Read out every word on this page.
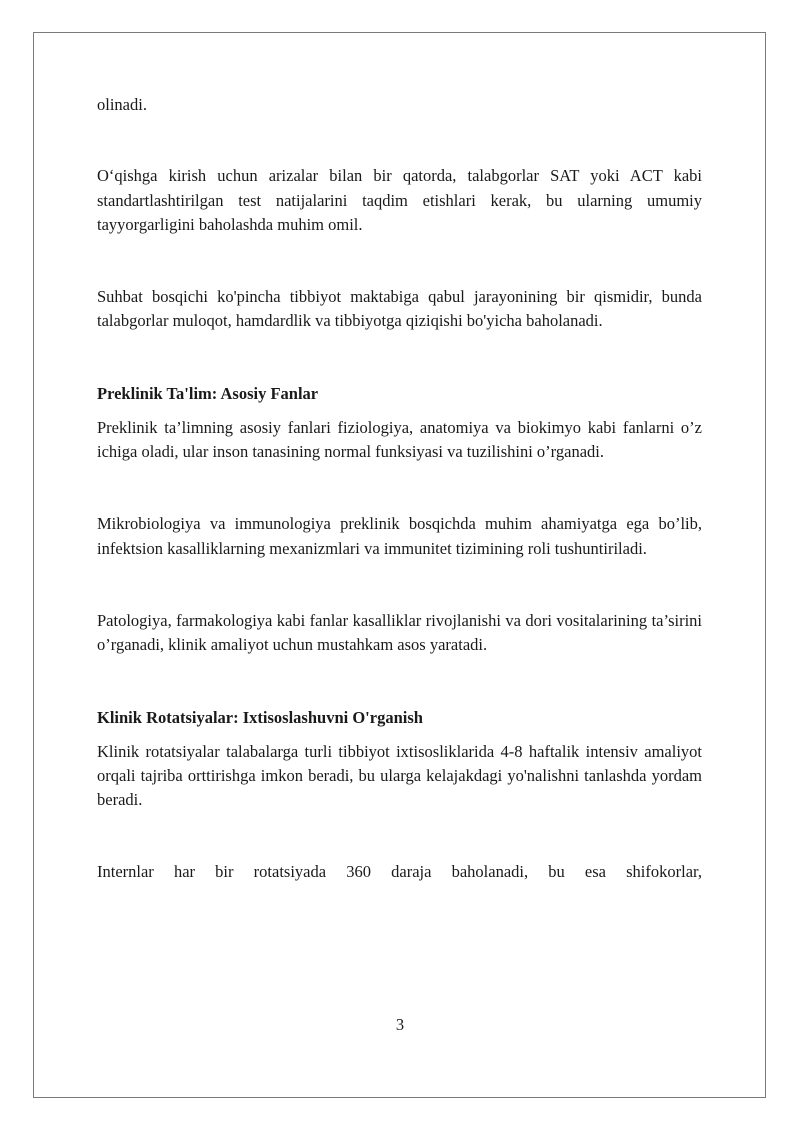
olinadi.

O‘qishga kirish uchun arizalar bilan bir qatorda, talabgorlar SAT yoki ACT kabi standartlashtirilgan test natijalarini taqdim etishlari kerak, bu ularning umumiy tayyorgarligini baholashda muhim omil.

Suhbat bosqichi ko'pincha tibbiyot maktabiga qabul jarayonining bir qismidir, bunda talabgorlar muloqot, hamdardlik va tibbiyotga qiziqishi bo'yicha baholanadi.

Preklinik Ta'lim: Asosiy Fanlar

Preklinik ta’limning asosiy fanlari fiziologiya, anatomiya va biokimyo kabi fanlarni o’z ichiga oladi, ular inson tanasining normal funksiyasi va tuzilishini o’rganadi.

Mikrobiologiya va immunologiya preklinik bosqichda muhim ahamiyatga ega bo’lib, infektsion kasalliklarning mexanizmlari va immunitet tizimining roli tushuntiriladi.

Patologiya, farmakologiya kabi fanlar kasalliklar rivojlanishi va dori vositalarining ta’sirini o’rganadi, klinik amaliyot uchun mustahkam asos yaratadi.

Klinik Rotatsiyalar: Ixtisoslashuvni O'rganish

Klinik rotatsiyalar talabalarga turli tibbiyot ixtisosliklarida 4-8 haftalik intensiv amaliyot orqali tajriba orttirishga imkon beradi, bu ularga kelajakdagi yo'nalishni tanlashda yordam beradi.

Internlar har bir rotatsiyada 360 daraja baholanadi, bu esa shifokorlar,

3
